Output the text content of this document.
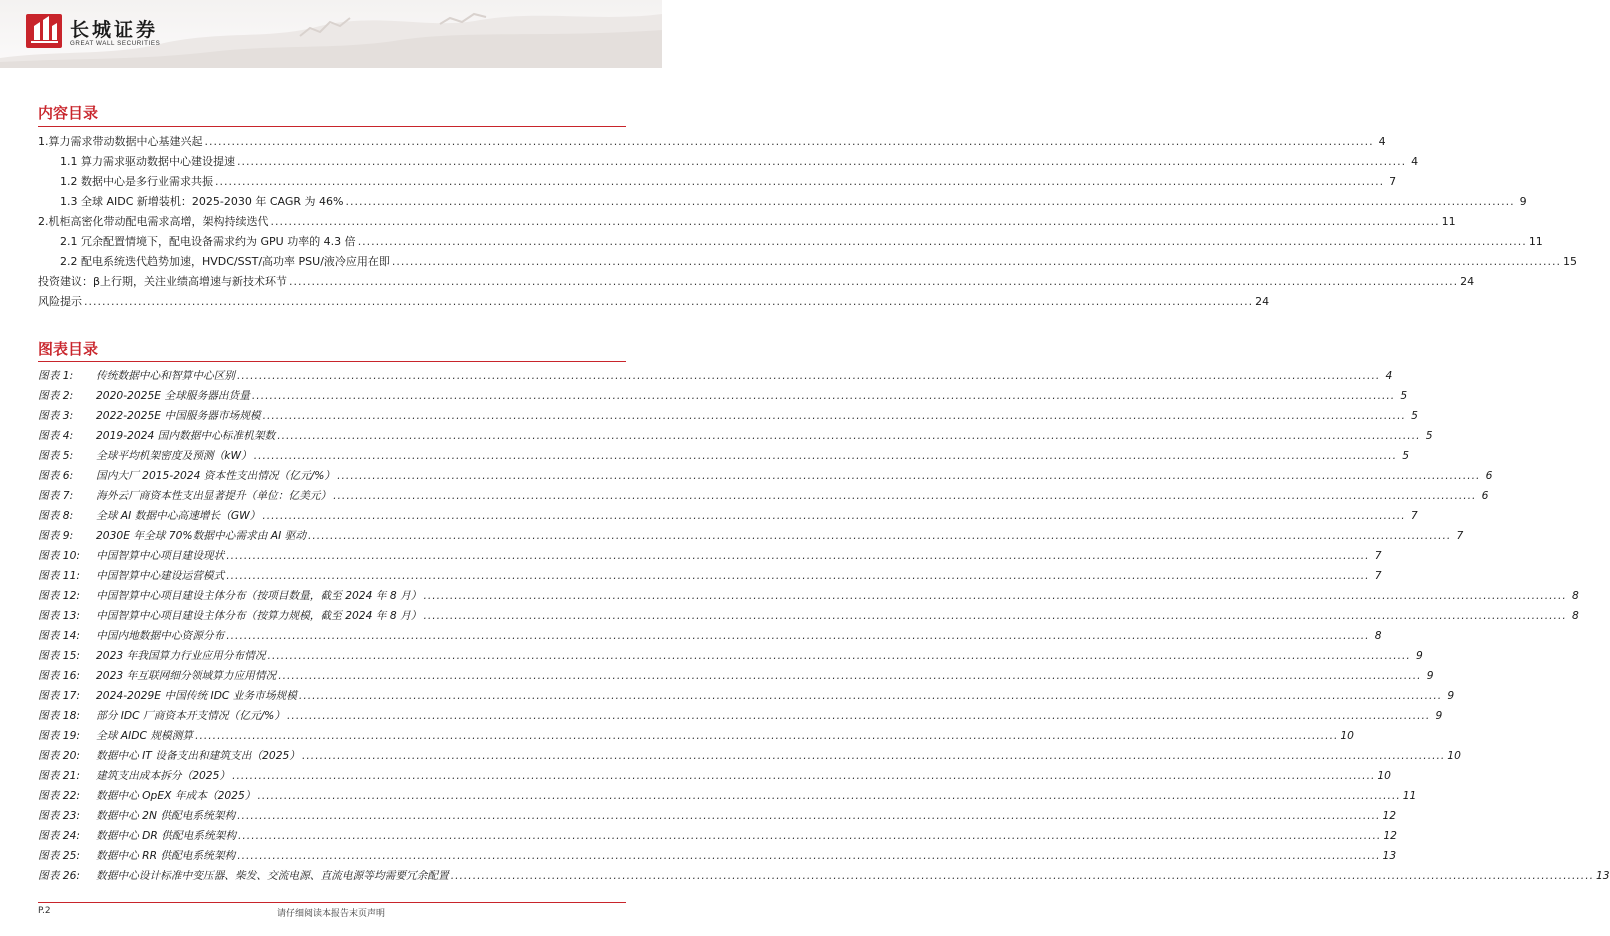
长城证券
GREAT WALL SECURITIES
内容目录
1.算力需求带动数据中心基建兴起 .................................................................................................................................................................................................................................................................... 4
1.1 算力需求驱动数据中心建设提速 .................................................................................................................................................................................................................................................................... 4
1.2 数据中心是多行业需求共振 .................................................................................................................................................................................................................................................................... 7
1.3 全球 AIDC 新增装机：2025-2030 年 CAGR 为 46% .................................................................................................................................................................................................................................................................... 9
2.机柜高密化带动配电需求高增，架构持续迭代 .................................................................................................................................................................................................................................................................... 11
2.1 冗余配置情境下，配电设备需求约为 GPU 功率的 4.3 倍 .................................................................................................................................................................................................................................................................... 11
2.2 配电系统迭代趋势加速，HVDC/SST/高功率 PSU/液冷应用在即 .................................................................................................................................................................................................................................................................... 15
投资建议：β上行期，关注业绩高增速与新技术环节 .................................................................................................................................................................................................................................................................... 24
风险提示 .................................................................................................................................................................................................................................................................... 24
图表目录
图表 1: 传统数据中心和智算中心区别 .................................................................................................................................................................................................................................................................... 4
图表 2: 2020-2025E 全球服务器出货量 .................................................................................................................................................................................................................................................................... 5
图表 3: 2022-2025E 中国服务器市场规模 .................................................................................................................................................................................................................................................................... 5
图表 4: 2019-2024 国内数据中心标准机架数 .................................................................................................................................................................................................................................................................... 5
图表 5: 全球平均机架密度及预测（kW） .................................................................................................................................................................................................................................................................... 5
图表 6: 国内大厂 2015-2024 资本性支出情况（亿元/%） .................................................................................................................................................................................................................................................................... 6
图表 7: 海外云厂商资本性支出显著提升（单位：亿美元） .................................................................................................................................................................................................................................................................... 6
图表 8: 全球 AI 数据中心高速增长（GW） .................................................................................................................................................................................................................................................................... 7
图表 9: 2030E 年全球 70%数据中心需求由 AI 驱动 .................................................................................................................................................................................................................................................................... 7
图表 10: 中国智算中心项目建设现状 .................................................................................................................................................................................................................................................................... 7
图表 11: 中国智算中心建设运营模式 .................................................................................................................................................................................................................................................................... 7
图表 12: 中国智算中心项目建设主体分布（按项目数量，截至 2024 年 8 月） .................................................................................................................................................................................................................................................................... 8
图表 13: 中国智算中心项目建设主体分布（按算力规模，截至 2024 年 8 月） .................................................................................................................................................................................................................................................................... 8
图表 14: 中国内地数据中心资源分布 .................................................................................................................................................................................................................................................................... 8
图表 15: 2023 年我国算力行业应用分布情况 .................................................................................................................................................................................................................................................................... 9
图表 16: 2023 年互联网细分领域算力应用情况 .................................................................................................................................................................................................................................................................... 9
图表 17: 2024-2029E 中国传统 IDC 业务市场规模 .................................................................................................................................................................................................................................................................... 9
图表 18: 部分 IDC 厂商资本开支情况（亿元/%） .................................................................................................................................................................................................................................................................... 9
图表 19: 全球 AIDC 规模测算 .................................................................................................................................................................................................................................................................... 10
图表 20: 数据中心 IT 设备支出和建筑支出（2025） .................................................................................................................................................................................................................................................................... 10
图表 21: 建筑支出成本拆分（2025） .................................................................................................................................................................................................................................................................... 10
图表 22: 数据中心 OpEX 年成本（2025） .................................................................................................................................................................................................................................................................... 11
图表 23: 数据中心 2N 供配电系统架构 .................................................................................................................................................................................................................................................................... 12
图表 24: 数据中心 DR 供配电系统架构 .................................................................................................................................................................................................................................................................... 12
图表 25: 数据中心 RR 供配电系统架构 .................................................................................................................................................................................................................................................................... 13
图表 26: 数据中心设计标准中变压器、柴发、交流电源、直流电源等均需要冗余配置 .................................................................................................................................................................................................................................................................... 13
请仔细阅读本报告末页声明
P.2
